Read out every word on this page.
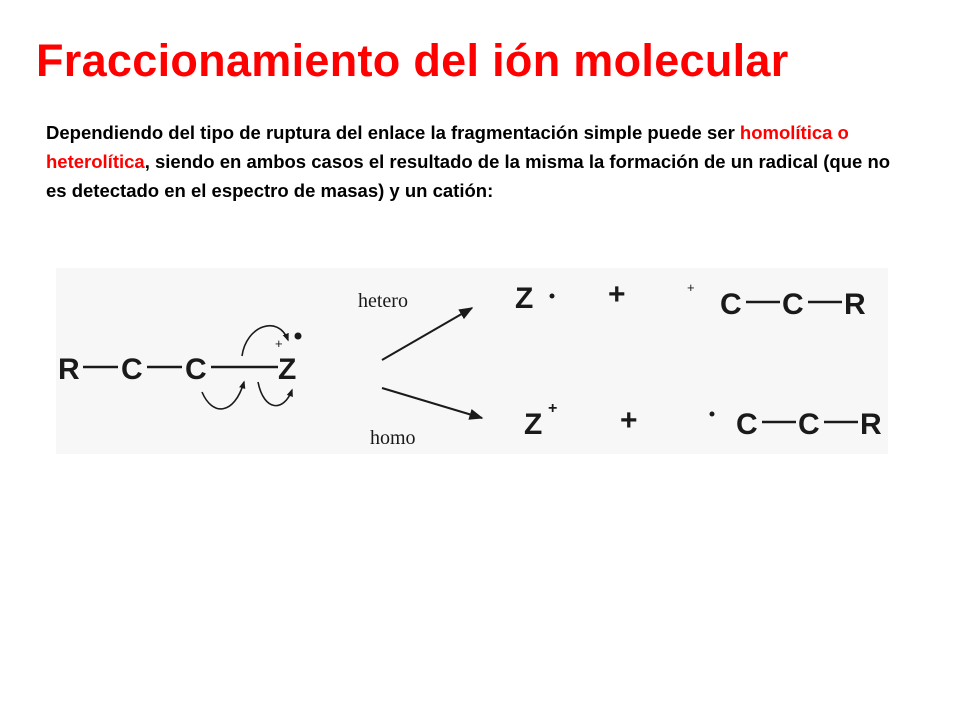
Fraccionamiento del ión molecular

Dependiendo del tipo de ruptura del enlace la fragmentación simple puede ser homolítica o heterolítica, siendo en ambos casos el resultado de la misma la formación de un radical (que no es detectado en el espectro de masas) y un catión:

R C C Z
+
hetero
homo
Z +	+
C C R
Z + +	C C R
